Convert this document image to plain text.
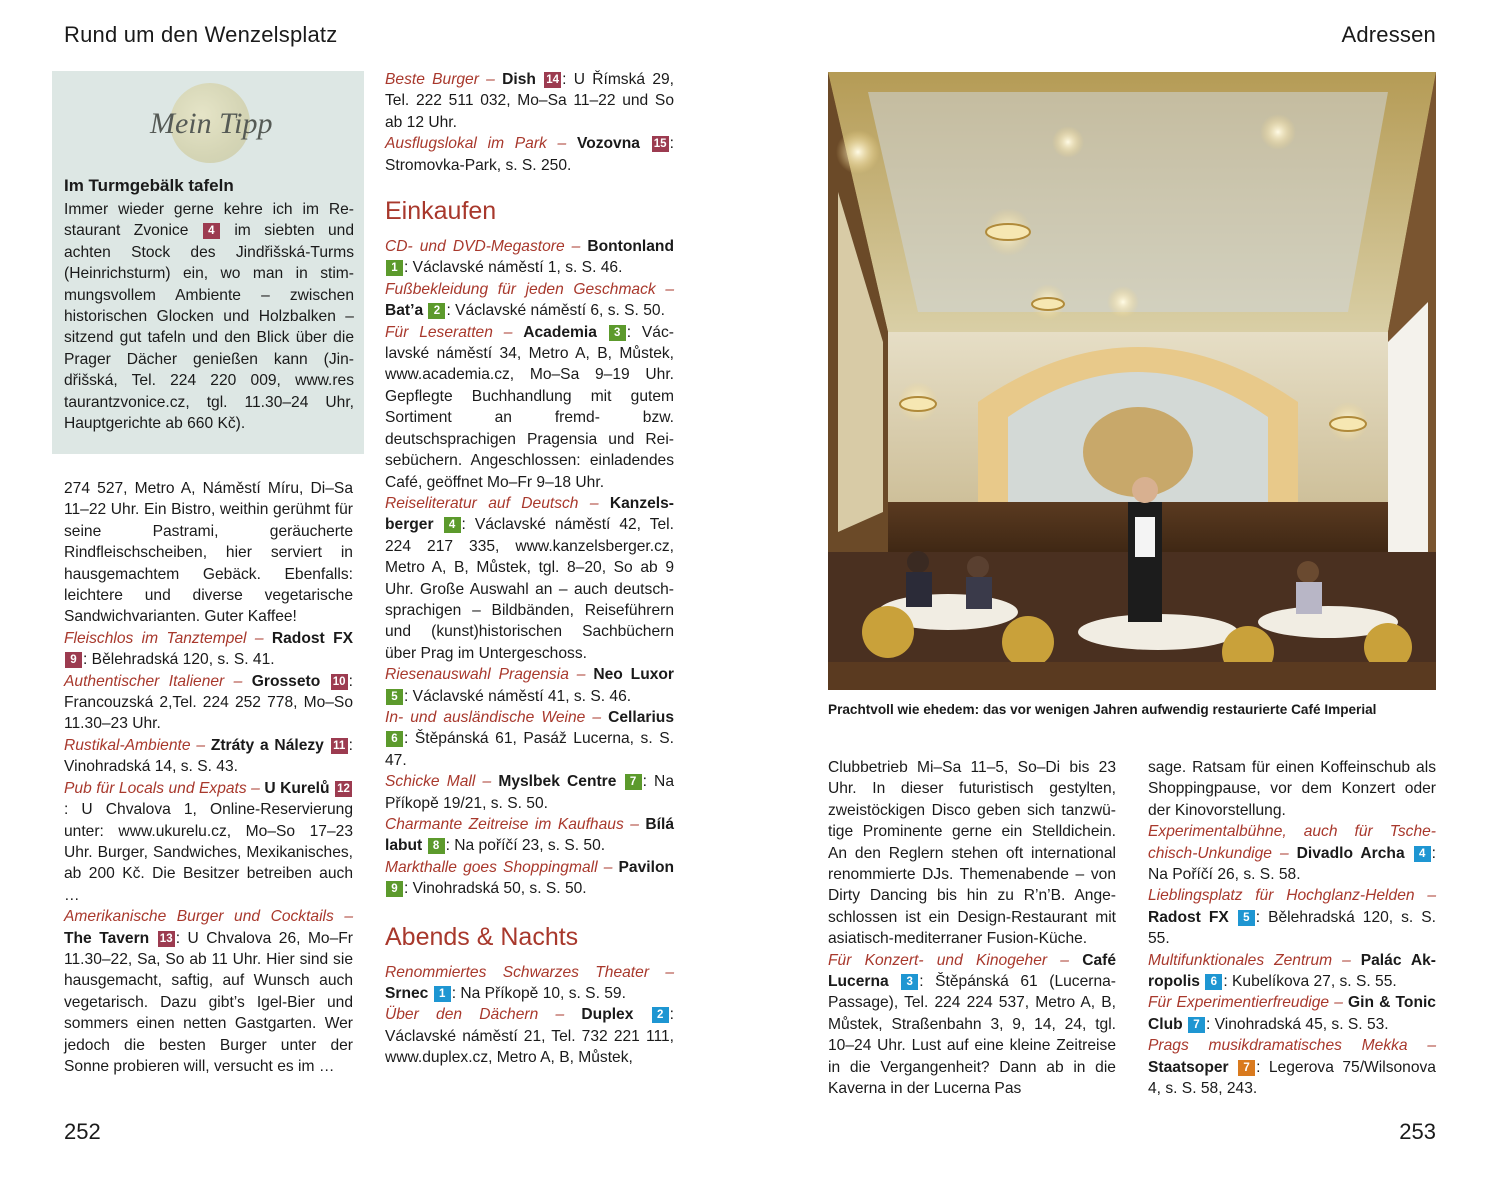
Rund um den Wenzelsplatz	Adressen
Mein Tipp
Im Turmgebälk tafeln
Immer wieder gerne kehre ich im Restaurant Zvonice 4 im siebten und achten Stock des Jindřišská-Turms (Heinrichsturm) ein, wo man in stimmungsvollem Ambiente – zwischen historischen Glocken und Holzbalken – sitzend gut tafeln und den Blick über die Prager Dächer genießen kann (Jindřišská, Tel. 224 220 009, www.res taurantzvonice.cz, tgl. 11.30–24 Uhr, Hauptgerichte ab 660 Kč).

274 527, Metro A, Náměstí Míru, Di–Sa 11–22 Uhr. Ein Bistro, weithin gerühmt für seine Pastrami, geräucherte Rindfleischscheiben, hier serviert in hausgemachtem Gebäck. Ebenfalls: leichtere und diverse vegetarische Sandwichvarianten. Guter Kaffee!

Fleischlos im Tanztempel – Radost FX 9 : Bělehradská 120, s. S. 41.

Authentischer Italiener – Grosseto 10 : Francouzská 2,Tel. 224 252 778, Mo–So 11.30–23 Uhr.

Rustikal-Ambiente – Ztráty a Nálezy 11 : Vinohradská 14, s. S. 43.

Pub für Locals und Expats – U Kurelů 12: U Chvalova 1, Online-Reservierung unter: www.ukurelu.cz, Mo–So 17–23 Uhr. Burger, Sandwiches, Mexikanisches, ab 200 Kč. Die Besitzer betreiben auch …

Amerikanische Burger und Cocktails – The Tavern 13 : U Chvalova 26, Mo–Fr 11.30–22, Sa, So ab 11 Uhr. Hier sind sie hausgemacht, saftig, auf Wunsch auch vegetarisch. Dazu gibt’s Igel-Bier und sommers einen netten Gastgarten. Wer jedoch die besten Burger unter der Sonne probieren will, versucht es im …

Beste Burger – Dish 14 : U Římská 29, Tel. 222 511 032, Mo–Sa 11–22 und So ab 12 Uhr.

Ausflugslokal im Park – Vozovna 15 : Stromovka-Park, s. S. 250.

Einkaufen

CD- und DVD-Megastore – Bontonland 1 : Václavské náměstí 1, s. S. 46.

Fußbekleidung für jeden Geschmack – Bat’a 2 : Václavské náměstí 6, s. S. 50.

Für Leseratten – Academia 3 : Václavské náměstí 34, Metro A, B, Můstek, www.academia.cz, Mo–Sa 9–19 Uhr. Gepflegte Buchhandlung mit gutem Sortiment an fremd- bzw. deutschsprachigen Pragensia und Reisebüchern. Angeschlossen: einladendes Café, geöffnet Mo–Fr 9–18 Uhr.

Reiseliteratur auf Deutsch – Kanzelsberger 4 : Václavské náměstí 42, Tel. 224 217 335, www.kanzelsberger.cz, Metro A, B, Můstek, tgl. 8–20, So ab 9 Uhr. Große Auswahl an – auch deutschsprachigen – Bildbänden, Reiseführern und (kunst)historischen Sachbüchern über Prag im Untergeschoss.

Riesenauswahl Pragensia – Neo Luxor 5 : Václavské náměstí 41, s. S. 46.

In- und ausländische Weine – Cellarius 6 : Štěpánská 61, Pasáž Lucerna, s. S. 47.

Schicke Mall – Myslbek Centre 7 : Na Příkopě 19/21, s. S. 50.

Charmante Zeitreise im Kaufhaus – Bílá labut 8 : Na poříčí 23, s. S. 50.

Markthalle goes Shoppingmall – Pavilon 9 : Vinohradská 50, s. S. 50.

Abends & Nachts

Renommiertes Schwarzes Theater – Srnec 1 : Na Příkopě 10, s. S. 59.

Über den Dächern – Duplex 2 : Václavské náměstí 21, Tel. 732 221 111, www.duplex.cz, Metro A, B, Můstek,

252
Prachtvoll wie ehedem: das vor wenigen Jahren aufwendig restaurierte Café Imperial

Clubbetrieb Mi–Sa 11–5, So–Di bis 23 Uhr. In dieser futuristisch gestylten, zweistöckigen Disco geben sich tanzwütige Prominente gerne ein Stelldichein. An den Reglern stehen oft international renommierte DJs. Themenabende – von Dirty Dancing bis hin zu R’n’B. Angeschlossen ist ein Design-Restaurant mit asiatisch-mediterraner Fusion-Küche.

Für Konzert- und Kinogeher – Café Lucerna 3 : Štěpánská 61 (Lucerna-Passage), Tel. 224 224 537, Metro A, B, Můstek, Straßenbahn 3, 9, 14, 24, tgl. 10–24 Uhr. Lust auf eine kleine Zeitreise in die Vergangenheit? Dann ab in die Kaverna in der Lucerna Pas

sage. Ratsam für einen Koffeinschub als Shoppingpause, vor dem Konzert oder der Kinovorstellung.

Experimentalbühne, auch für Tschechisch-Unkundige – Divadlo Archa 4 : Na Poříčí 26, s. S. 58.

Lieblingsplatz für Hochglanz-Helden – Radost FX 5 : Bělehradská 120, s. S. 55.

Multifunktionales Zentrum – Palác Akropolis 6 : Kubelíkova 27, s. S. 55.

Für Experimentierfreudige – Gin & Tonic Club 7 : Vinohradská 45, s. S. 53.

Prags musikdramatisches Mekka – Staatsoper 7 : Legerova 75/Wilsonova 4, s. S. 58, 243.

253
